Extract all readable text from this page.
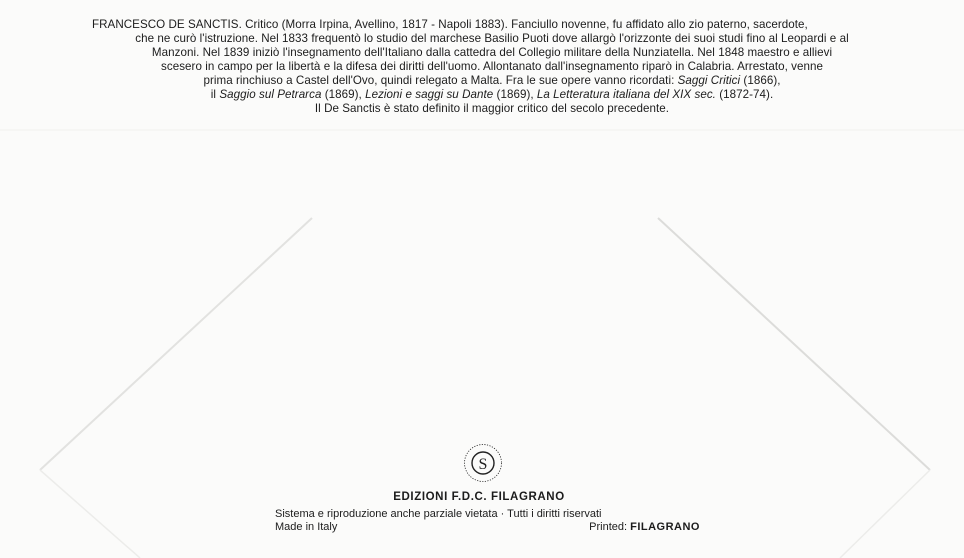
FRANCESCO DE SANCTIS. Critico (Morra Irpina, Avellino, 1817 - Napoli 1883). Fanciullo novenne, fu affidato allo zio paterno, sacerdote,
che ne curò l'istruzione. Nel 1833 frequentò lo studio del marchese Basilio Puoti dove allargò l'orizzonte dei suoi studi fino al Leopardi e al
Manzoni. Nel 1839 iniziò l'insegnamento dell'Italiano dalla cattedra del Collegio militare della Nunziatella. Nel 1848 maestro e allievi
scesero in campo per la libertà e la difesa dei diritti dell'uomo. Allontanato dall'insegnamento riparò in Calabria. Arrestato, venne
prima rinchiuso a Castel dell'Ovo, quindi relegato a Malta. Fra le sue opere vanno ricordati: Saggi Critici (1866),
il Saggio sul Petrarca (1869), Lezioni e saggi su Dante (1869), La Letteratura italiana del XIX sec. (1872-74).
Il De Sanctis è stato definito il maggior critico del secolo precedente.
S
EDIZIONI F.D.C. FILAGRANO
Sistema e riproduzione anche parziale vietata · Tutti i diritti riservati
Made in Italy	Printed: FILAGRANO
